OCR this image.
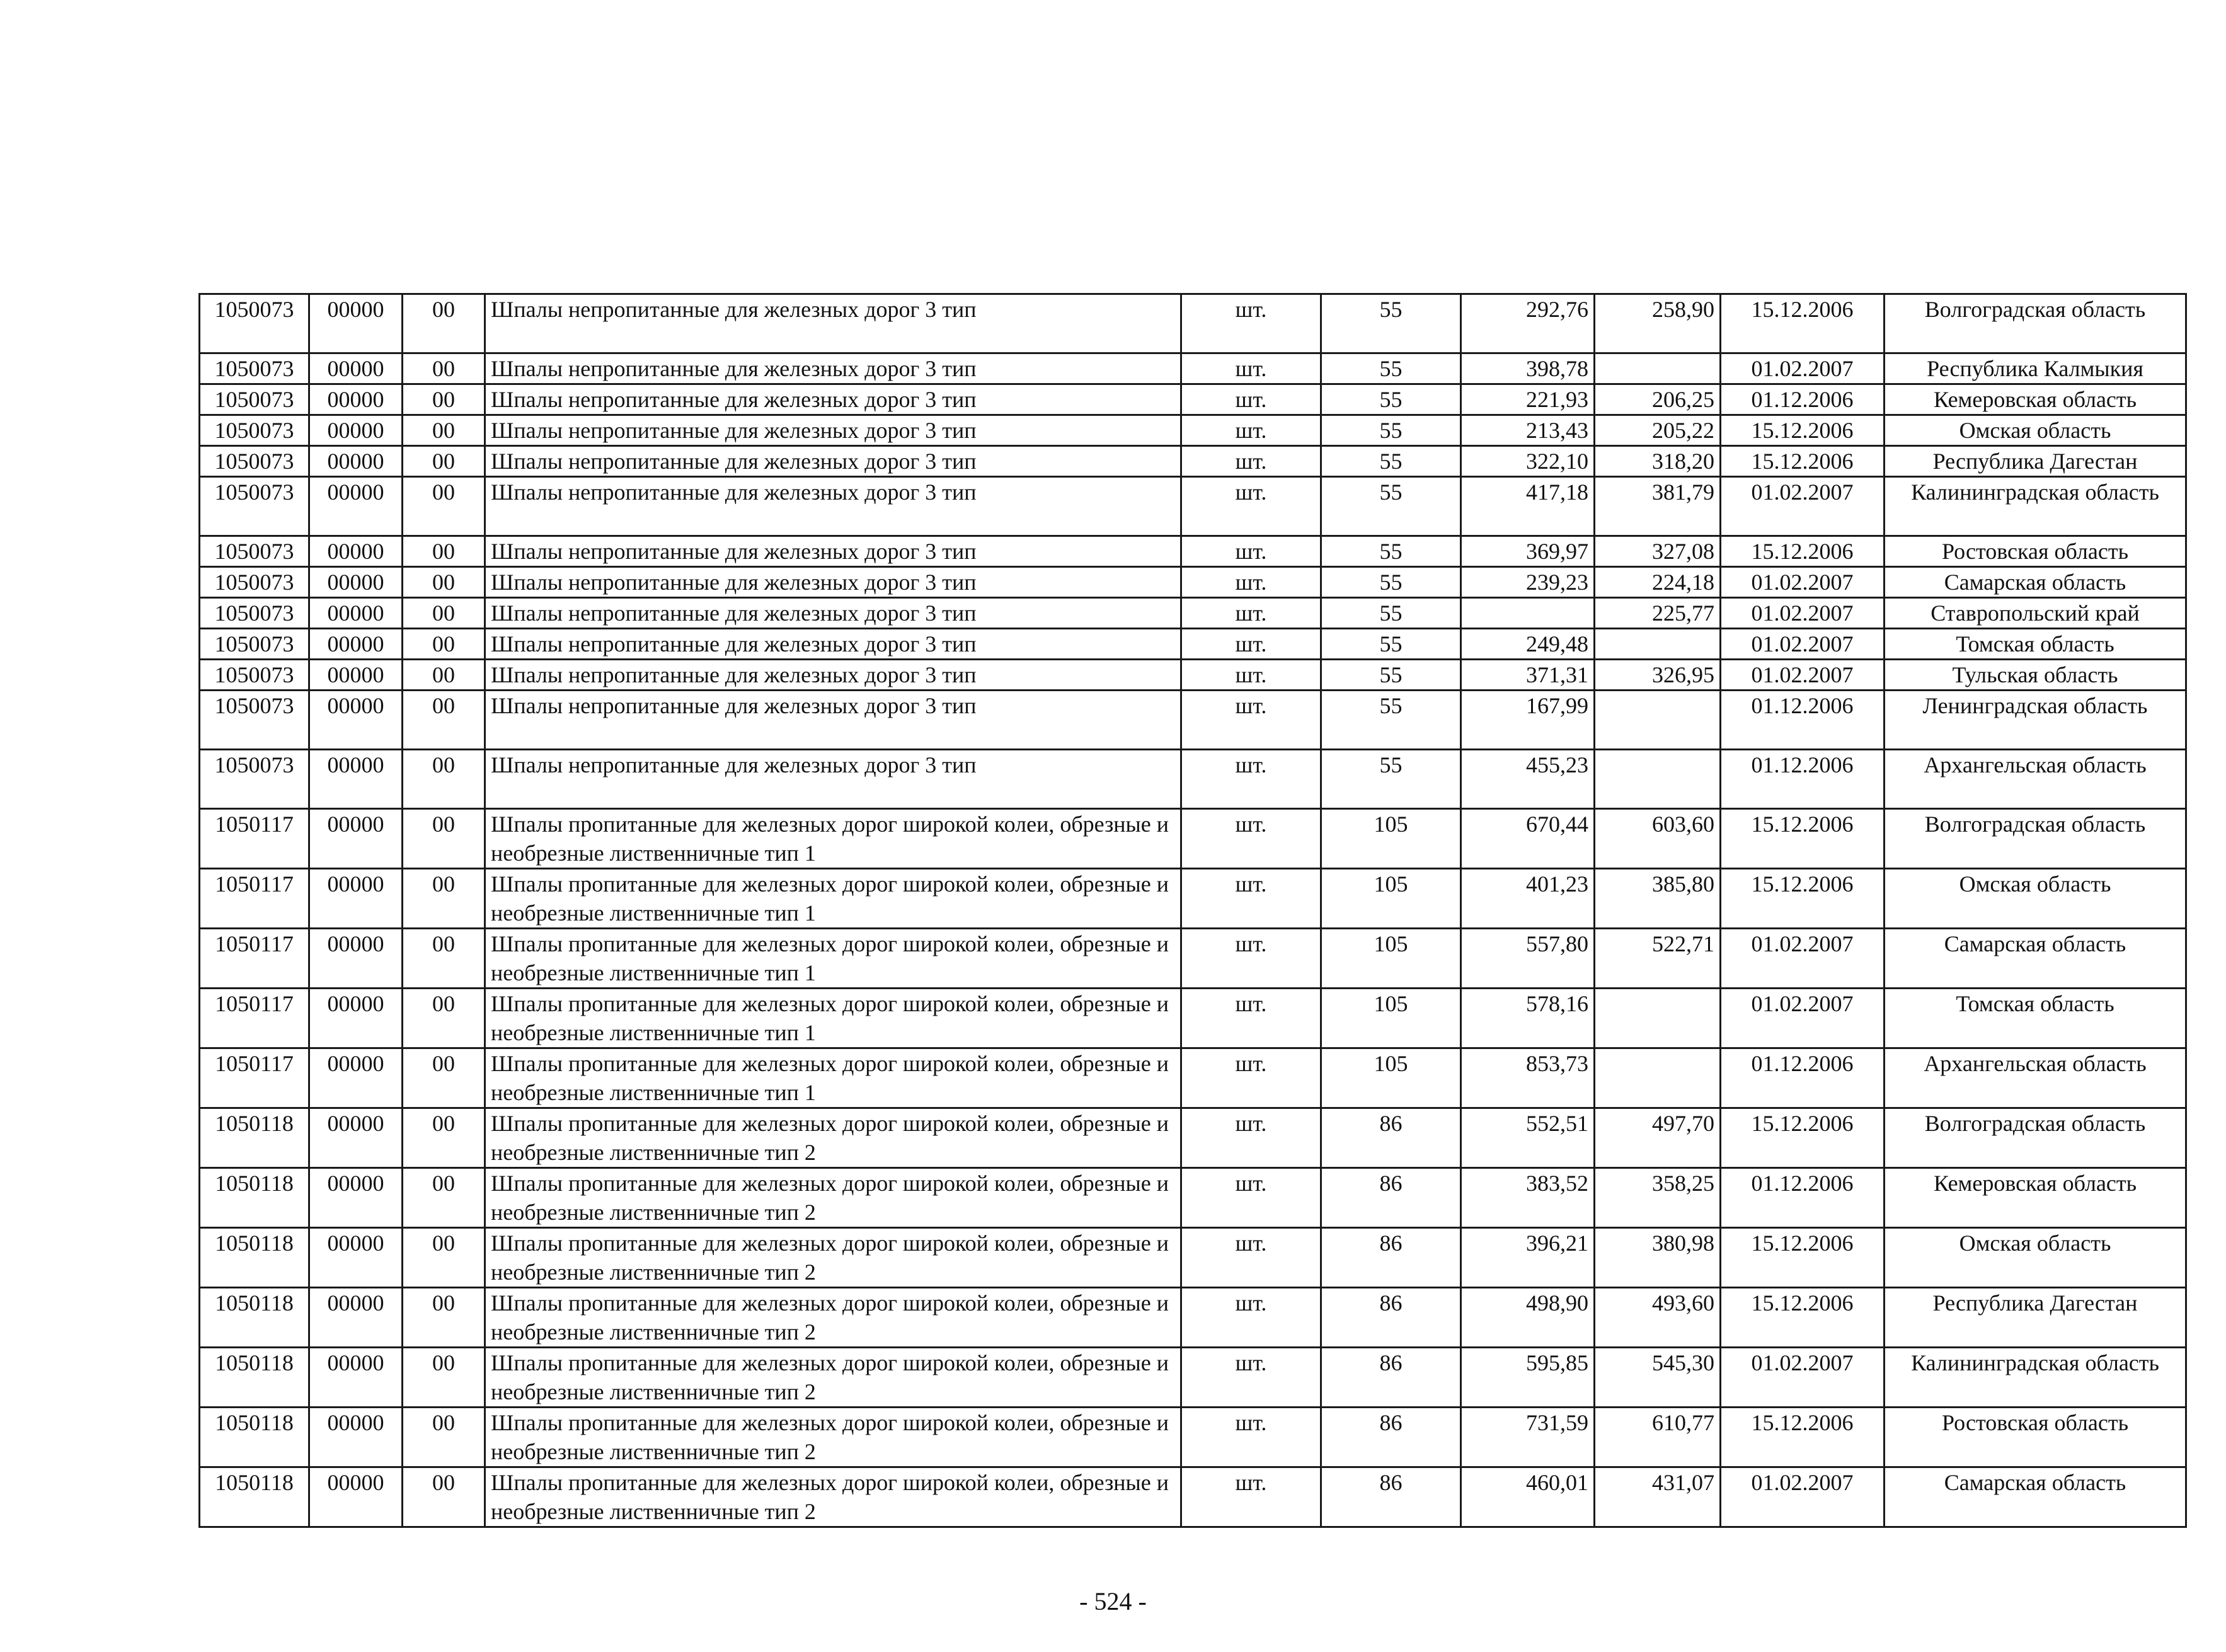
1050073	00000	00	Шпалы непропитанные для железных дорог 3 тип	шт.	55	292,76	258,90	15.12.2006	Волгоградская область
1050073	00000	00	Шпалы непропитанные для железных дорог 3 тип	шт.	55	398,78		01.02.2007	Республика Калмыкия
1050073	00000	00	Шпалы непропитанные для железных дорог 3 тип	шт.	55	221,93	206,25	01.12.2006	Кемеровская область
1050073	00000	00	Шпалы непропитанные для железных дорог 3 тип	шт.	55	213,43	205,22	15.12.2006	Омская область
1050073	00000	00	Шпалы непропитанные для железных дорог 3 тип	шт.	55	322,10	318,20	15.12.2006	Республика Дагестан
1050073	00000	00	Шпалы непропитанные для железных дорог 3 тип	шт.	55	417,18	381,79	01.02.2007	Калининградская область
1050073	00000	00	Шпалы непропитанные для железных дорог 3 тип	шт.	55	369,97	327,08	15.12.2006	Ростовская область
1050073	00000	00	Шпалы непропитанные для железных дорог 3 тип	шт.	55	239,23	224,18	01.02.2007	Самарская область
1050073	00000	00	Шпалы непропитанные для железных дорог 3 тип	шт.	55		225,77	01.02.2007	Ставропольский край
1050073	00000	00	Шпалы непропитанные для железных дорог 3 тип	шт.	55	249,48		01.02.2007	Томская область
1050073	00000	00	Шпалы непропитанные для железных дорог 3 тип	шт.	55	371,31	326,95	01.02.2007	Тульская область
1050073	00000	00	Шпалы непропитанные для железных дорог 3 тип	шт.	55	167,99		01.12.2006	Ленинградская область
1050073	00000	00	Шпалы непропитанные для железных дорог 3 тип	шт.	55	455,23		01.12.2006	Архангельская область
1050117	00000	00	Шпалы пропитанные для железных дорог широкой колеи, обрезные и необрезные лиственничные тип 1	шт.	105	670,44	603,60	15.12.2006	Волгоградская область
1050117	00000	00	Шпалы пропитанные для железных дорог широкой колеи, обрезные и необрезные лиственничные тип 1	шт.	105	401,23	385,80	15.12.2006	Омская область
1050117	00000	00	Шпалы пропитанные для железных дорог широкой колеи, обрезные и необрезные лиственничные тип 1	шт.	105	557,80	522,71	01.02.2007	Самарская область
1050117	00000	00	Шпалы пропитанные для железных дорог широкой колеи, обрезные и необрезные лиственничные тип 1	шт.	105	578,16		01.02.2007	Томская область
1050117	00000	00	Шпалы пропитанные для железных дорог широкой колеи, обрезные и необрезные лиственничные тип 1	шт.	105	853,73		01.12.2006	Архангельская область
1050118	00000	00	Шпалы пропитанные для железных дорог широкой колеи, обрезные и необрезные лиственничные тип 2	шт.	86	552,51	497,70	15.12.2006	Волгоградская область
1050118	00000	00	Шпалы пропитанные для железных дорог широкой колеи, обрезные и необрезные лиственничные тип 2	шт.	86	383,52	358,25	01.12.2006	Кемеровская область
1050118	00000	00	Шпалы пропитанные для железных дорог широкой колеи, обрезные и необрезные лиственничные тип 2	шт.	86	396,21	380,98	15.12.2006	Омская область
1050118	00000	00	Шпалы пропитанные для железных дорог широкой колеи, обрезные и необрезные лиственничные тип 2	шт.	86	498,90	493,60	15.12.2006	Республика Дагестан
1050118	00000	00	Шпалы пропитанные для железных дорог широкой колеи, обрезные и необрезные лиственничные тип 2	шт.	86	595,85	545,30	01.02.2007	Калининградская область
1050118	00000	00	Шпалы пропитанные для железных дорог широкой колеи, обрезные и необрезные лиственничные тип 2	шт.	86	731,59	610,77	15.12.2006	Ростовская область
1050118	00000	00	Шпалы пропитанные для железных дорог широкой колеи, обрезные и необрезные лиственничные тип 2	шт.	86	460,01	431,07	01.02.2007	Самарская область
- 524 -
